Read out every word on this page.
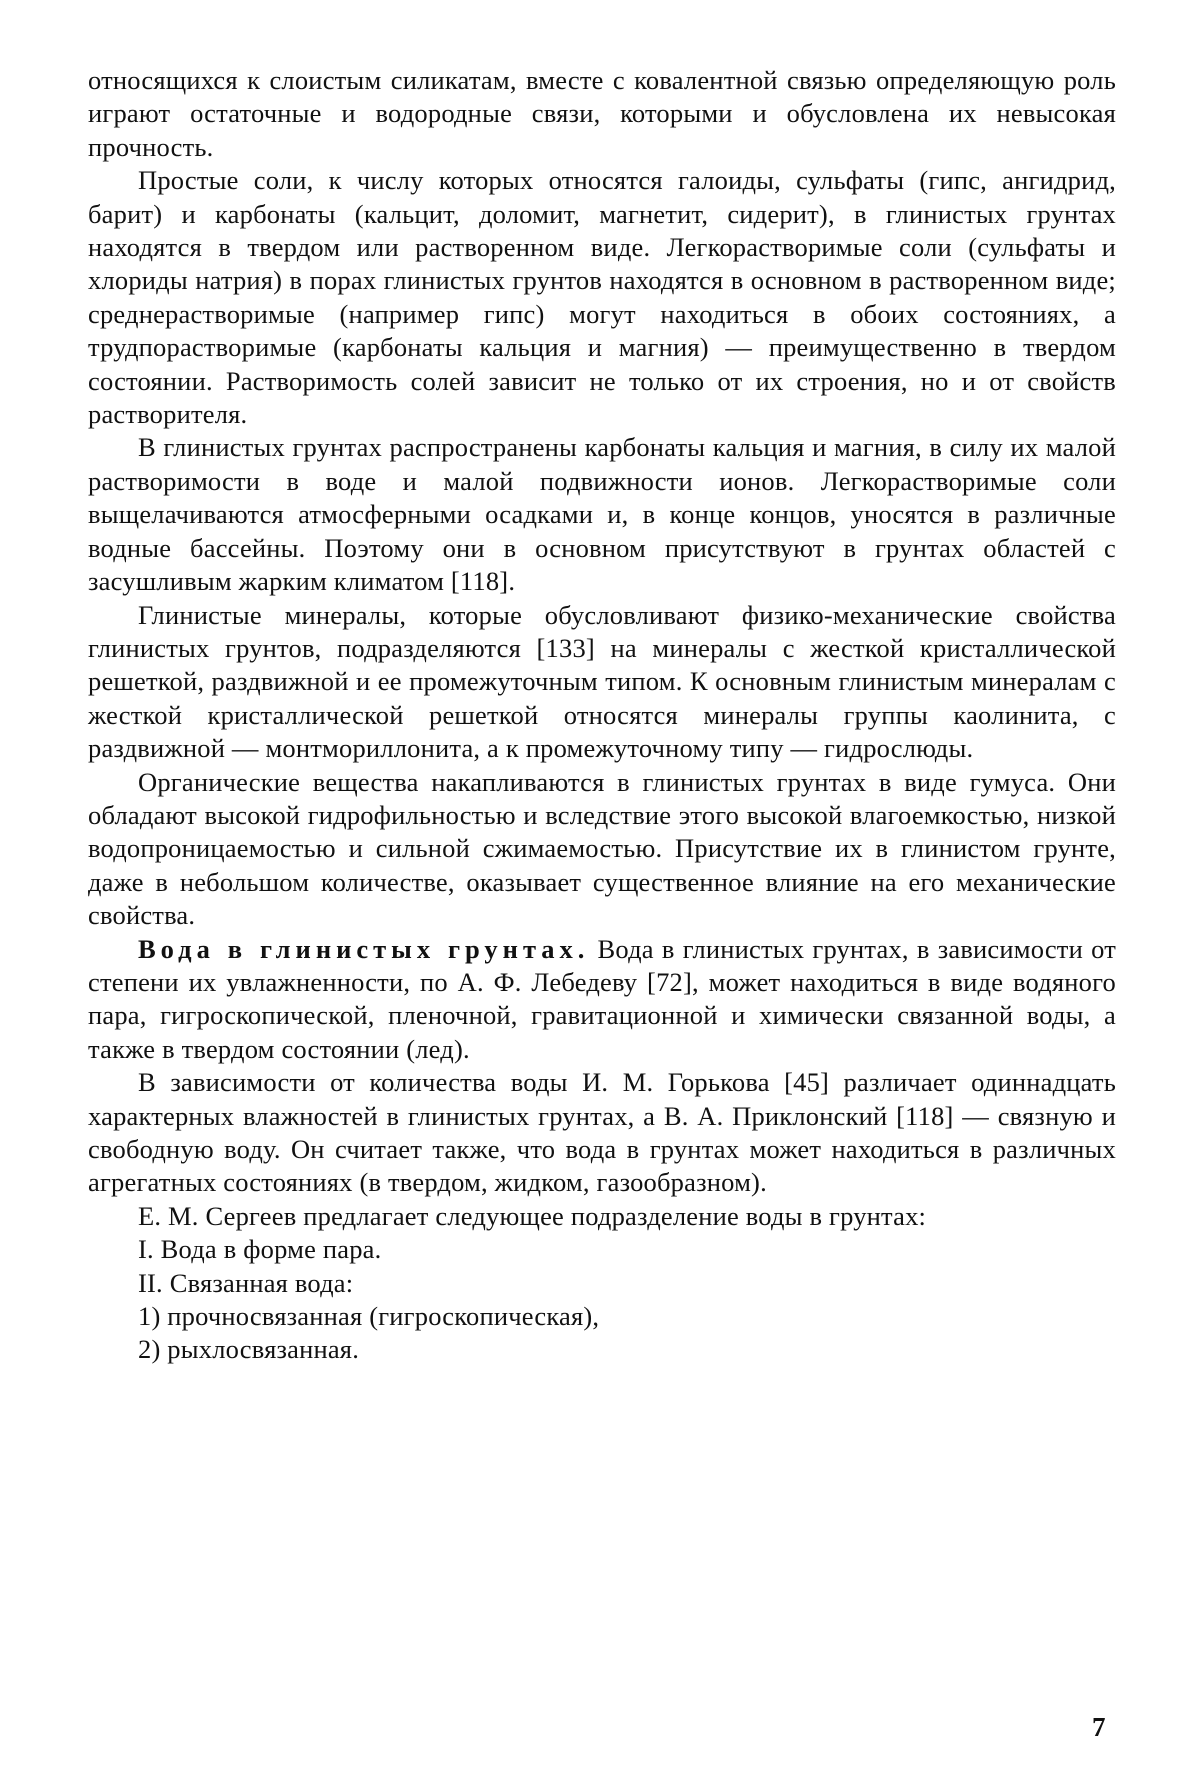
относящихся к слоистым силикатам, вместе с ковалентной связью определяющую роль играют остаточные и водородные связи, которыми и обусловлена их невысокая прочность.

Простые соли, к числу которых относятся галоиды, сульфаты (гипс, ангидрид, барит) и карбонаты (кальцит, доломит, магнетит, сидерит), в глинистых грунтах находятся в твердом или растворенном виде. Легкорастворимые соли (сульфаты и хлориды натрия) в порах глинистых грунтов находятся в основном в растворенном виде; среднерастворимые (например гипс) могут находиться в обоих состояниях, а трудпорастворимые (карбонаты кальция и магния) — преимущественно в твердом состоянии. Растворимость солей зависит не только от их строения, но и от свойств растворителя.

В глинистых грунтах распространены карбонаты кальция и магния, в силу их малой растворимости в воде и малой подвижности ионов. Легкорастворимые соли выщелачиваются атмосферными осадками и, в конце концов, уносятся в различные водные бассейны. Поэтому они в основном присутствуют в грунтах областей с засушливым жарким климатом [118].

Глинистые минералы, которые обусловливают физико-механические свойства глинистых грунтов, подразделяются [133] на минералы с жесткой кристаллической решеткой, раздвижной и ее промежуточным типом. К основным глинистым минералам с жесткой кристаллической решеткой относятся минералы группы каолинита, с раздвижной — монтмориллонита, а к промежуточному типу — гидрослюды.

Органические вещества накапливаются в глинистых грунтах в виде гумуса. Они обладают высокой гидрофильностью и вследствие этого высокой влагоемкостью, низкой водопроницаемостью и сильной сжимаемостью. Присутствие их в глинистом грунте, даже в небольшом количестве, оказывает существенное влияние на его механические свойства.

Вода в глинистых грунтах. Вода в глинистых грунтах, в зависимости от степени их увлажненности, по А. Ф. Лебедеву [72], может находиться в виде водяного пара, гигроскопической, пленочной, гравитационной и химически связанной воды, а также в твердом состоянии (лед).

В зависимости от количества воды И. М. Горькова [45] различает одиннадцать характерных влажностей в глинистых грунтах, а В. А. Приклонский [118] — связную и свободную воду. Он считает также, что вода в грунтах может находиться в различных агрегатных состояниях (в твердом, жидком, газообразном).

Е. М. Сергеев предлагает следующее подразделение воды в грунтах:

I. Вода в форме пара.

II. Связанная вода:

1) прочносвязанная (гигроскопическая),

2) рыхлосвязанная.

7
